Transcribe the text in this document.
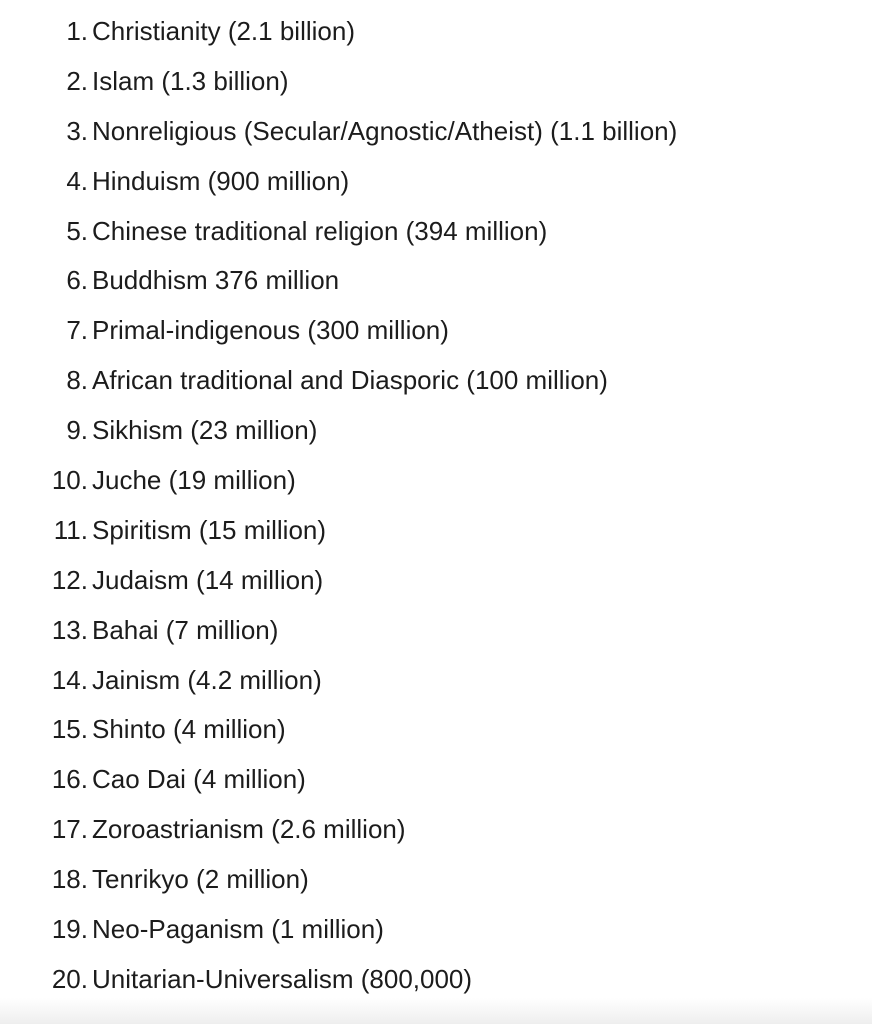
1. Christianity (2.1 billion)
2. Islam (1.3 billion)
3. Nonreligious (Secular/Agnostic/Atheist) (1.1 billion)
4. Hinduism (900 million)
5. Chinese traditional religion (394 million)
6. Buddhism 376 million
7. Primal-indigenous (300 million)
8. African traditional and Diasporic (100 million)
9. Sikhism (23 million)
10. Juche (19 million)
11. Spiritism (15 million)
12. Judaism (14 million)
13. Bahai (7 million)
14. Jainism (4.2 million)
15. Shinto (4 million)
16. Cao Dai (4 million)
17. Zoroastrianism (2.6 million)
18. Tenrikyo (2 million)
19. Neo-Paganism (1 million)
20. Unitarian-Universalism (800,000)
